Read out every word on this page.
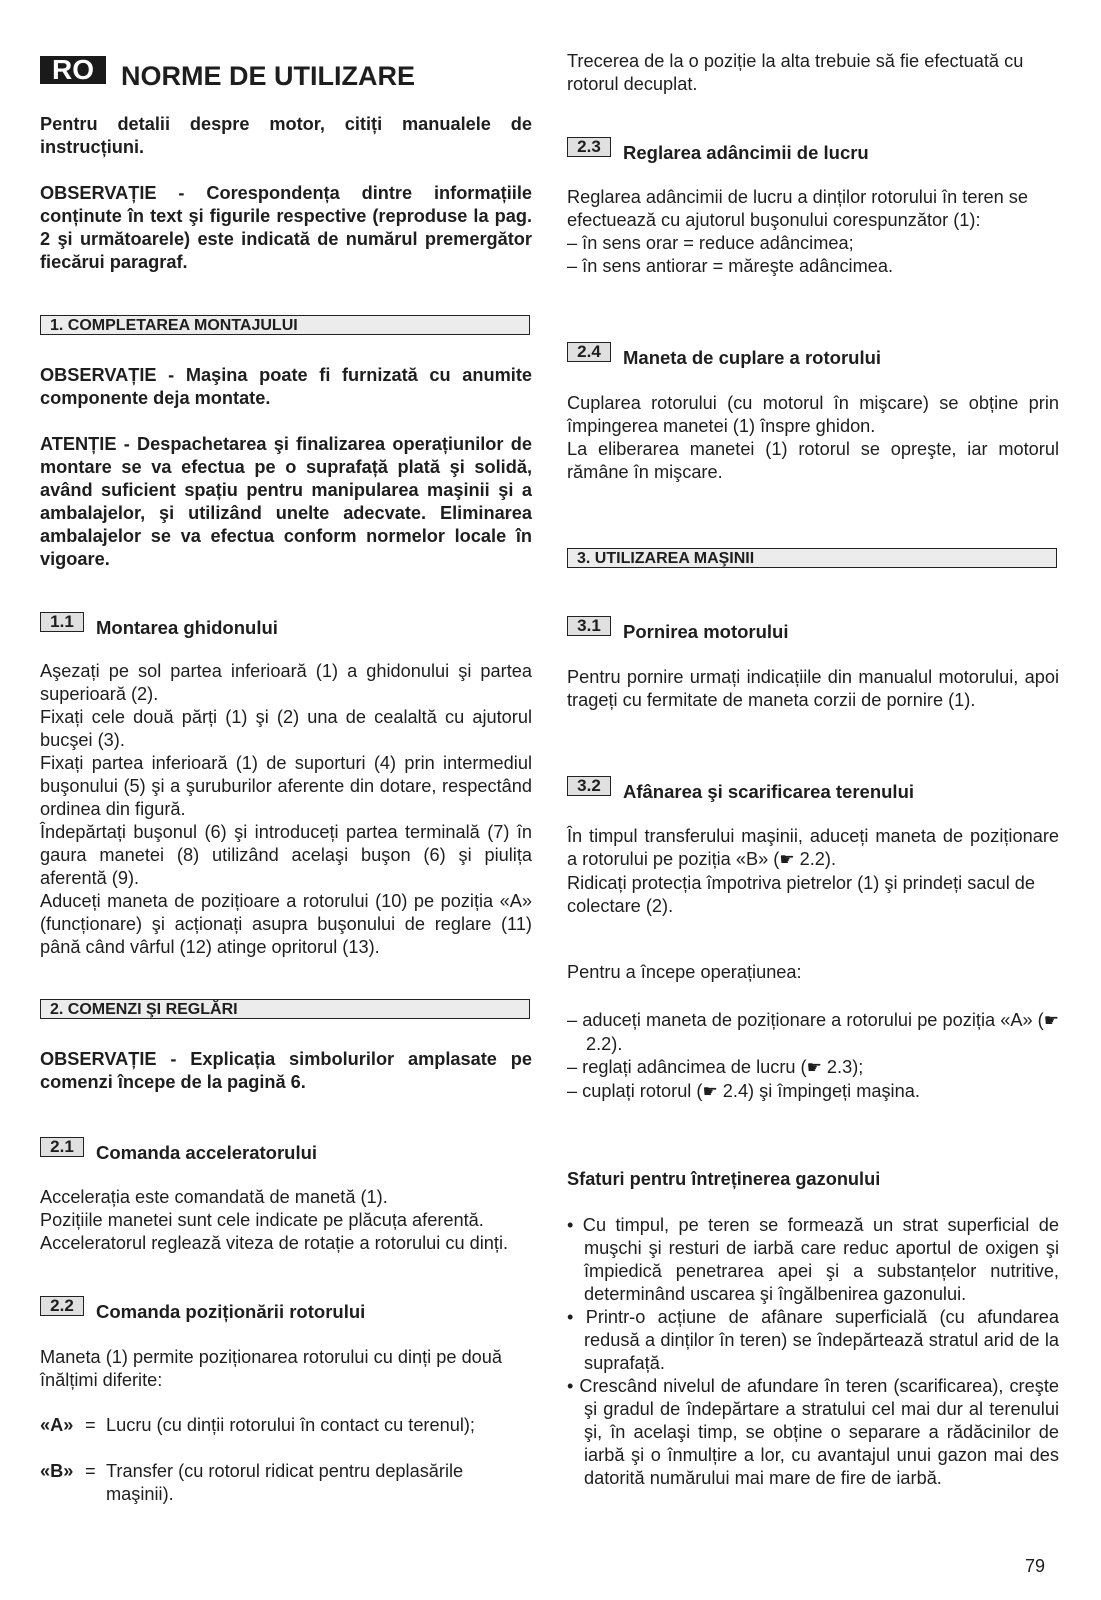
RO	NORME DE UTILIZARE

Pentru detalii despre motor, citiți manualele de instrucțiuni.

OBSERVAȚIE - Corespondența dintre informațiile conținute în text şi figurile respective (reproduse la pag. 2 şi următoarele) este indicată de numărul premergător fiecărui paragraf.

1. COMPLETAREA MONTAJULUI

OBSERVAȚIE - Maşina poate fi furnizată cu anumite componente deja montate.

ATENȚIE - Despachetarea şi finalizarea operațiunilor de montare se va efectua pe o suprafață plată şi solidă, având suficient spațiu pentru manipularea maşinii şi a ambalajelor, şi utilizând unelte adecvate. Eliminarea ambalajelor se va efectua conform normelor locale în vigoare.

1.1	Montarea ghidonului

Aşezați pe sol partea inferioară (1) a ghidonului şi partea superioară (2).

Fixați cele două părți (1) şi (2) una de cealaltă cu ajutorul bucşei (3).

Fixați partea inferioară (1) de suporturi (4) prin intermediul buşonului (5) şi a şuruburilor aferente din dotare, respectând ordinea din figură.

Îndepărtați buşonul (6) şi introduceți partea terminală (7) în gaura manetei (8) utilizând acelaşi buşon (6) şi piulița aferentă (9).

Aduceți maneta de pozițioare a rotorului (10) pe poziția «A» (funcționare) şi acționați asupra buşonului de reglare (11) până când vârful (12) atinge opritorul (13).

2. COMENZI ŞI REGLĂRI

OBSERVAȚIE - Explicația simbolurilor amplasate pe comenzi începe de la pagină 6.

2.1	Comanda acceleratorului

Accelerația este comandată de manetă (1).

Pozițiile manetei sunt cele indicate pe plăcuța aferentă.

Acceleratorul reglează viteza de rotație a rotorului cu dinți.

2.2	Comanda poziționării rotorului

Maneta (1) permite poziționarea rotorului cu dinți pe două înălțimi diferite:

«A» = Lucru (cu dinții rotorului în contact cu terenul);
«B» = Transfer (cu rotorul ridicat pentru deplasările maşinii).

Trecerea de la o poziție la alta trebuie să fie efectuată cu rotorul decuplat.

2.3	Reglarea adâncimii de lucru

Reglarea adâncimii de lucru a dinților rotorului în teren se efectuează cu ajutorul buşonului corespunzător (1):

– în sens orar = reduce adâncimea;

– în sens antiorar = măreşte adâncimea.

2.4	Maneta de cuplare a rotorului

Cuplarea rotorului (cu motorul în mişcare) se obține prin împingerea manetei (1) înspre ghidon.

La eliberarea manetei (1) rotorul se opreşte, iar motorul rămâne în mişcare.

3. UTILIZAREA MAŞINII
3.1	Pornirea motorului

Pentru pornire urmați indicațiile din manualul motorului, apoi trageți cu fermitate de maneta corzii de pornire (1).

3.2	Afânarea şi scarificarea terenului

În timpul transferului maşinii, aduceți maneta de poziționare a rotorului pe poziția «B» (☛ 2.2).

Ridicați protecția împotriva pietrelor (1) şi prindeți sacul de colectare (2).

Pentru a începe operațiunea:

– aduceți maneta de poziționare a rotorului pe poziția «A» (☛ 2.2).

– reglați adâncimea de lucru (☛ 2.3);

– cuplați rotorul (☛ 2.4) şi împingeți maşina.

Sfaturi pentru întreținerea gazonului

• Cu timpul, pe teren se formează un strat superficial de muşchi şi resturi de iarbă care reduc aportul de oxigen şi împiedică penetrarea apei şi a substanțelor nutritive, determinând uscarea şi îngălbenirea gazonului.

• Printr-o acțiune de afânare superficială (cu afundarea redusă a dinților în teren) se îndepărtează stratul arid de la suprafață.

• Crescând nivelul de afundare în teren (scarificarea), creşte şi gradul de îndepărtare a stratului cel mai dur al terenului şi, în acelaşi timp, se obține o separare a rădăcinilor de iarbă şi o înmulțire a lor, cu avantajul unui gazon mai des datorită numărului mai mare de fire de iarbă.

79
